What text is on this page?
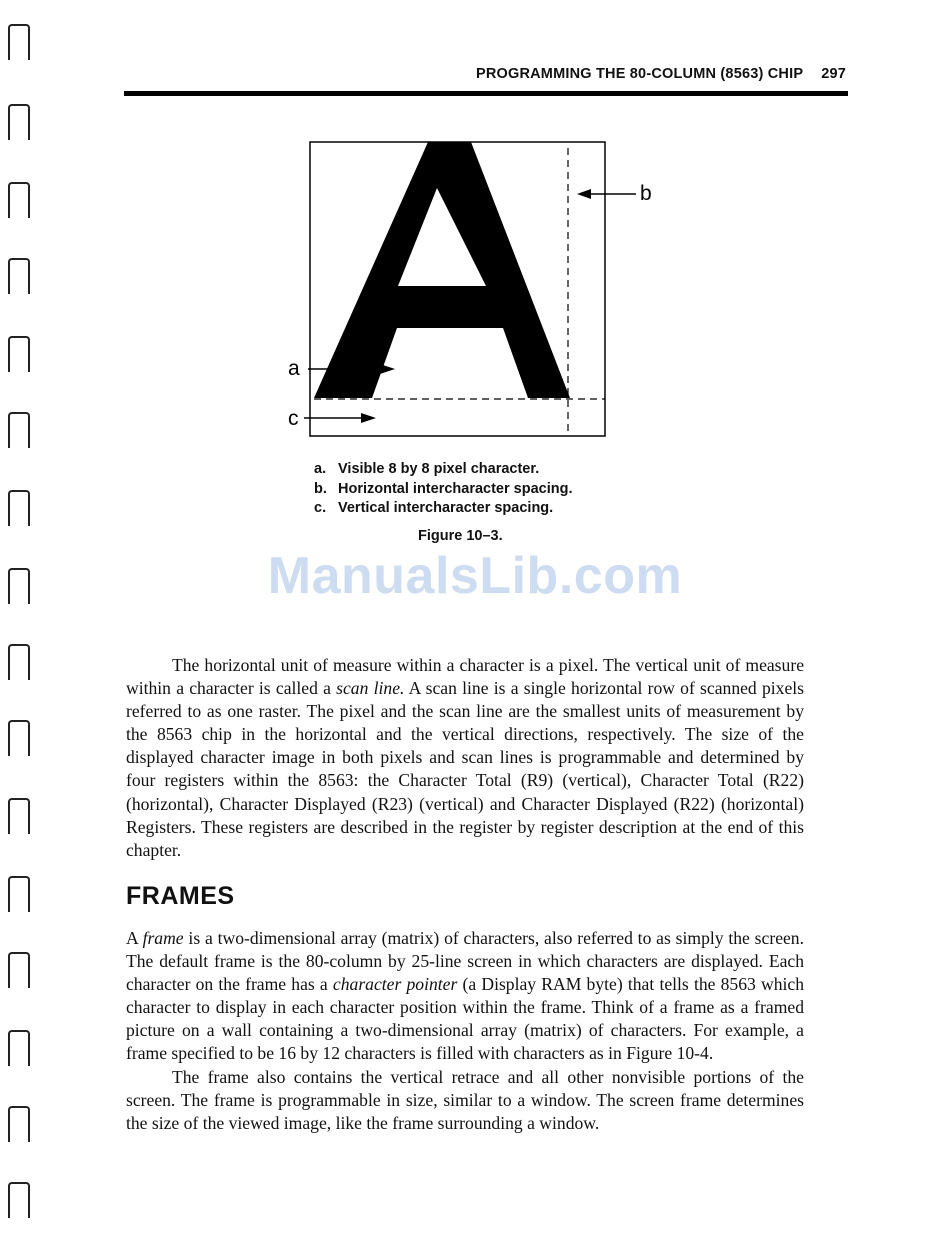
PROGRAMMING THE 80-COLUMN (8563) CHIP 297
b
a
c
a. Visible 8 by 8 pixel character.
b. Horizontal intercharacter spacing.
c. Vertical intercharacter spacing.
Figure 10–3.
ManualsLib.com

The horizontal unit of measure within a character is a pixel. The vertical unit of measure within a character is called a scan line. A scan line is a single horizontal row of scanned pixels referred to as one raster. The pixel and the scan line are the smallest units of measurement by the 8563 chip in the horizontal and the vertical directions, respectively. The size of the displayed character image in both pixels and scan lines is programmable and determined by four registers within the 8563: the Character Total (R9) (vertical), Character Total (R22) (horizontal), Character Displayed (R23) (vertical) and Character Displayed (R22) (horizontal) Registers. These registers are described in the register by register description at the end of this chapter.

FRAMES

A frame is a two-dimensional array (matrix) of characters, also referred to as simply the screen. The default frame is the 80-column by 25-line screen in which characters are displayed. Each character on the frame has a character pointer (a Display RAM byte) that tells the 8563 which character to display in each character position within the frame. Think of a frame as a framed picture on a wall containing a two-dimensional array (matrix) of characters. For example, a frame specified to be 16 by 12 characters is filled with characters as in Figure 10-4.

The frame also contains the vertical retrace and all other nonvisible portions of the screen. The frame is programmable in size, similar to a window. The screen frame determines the size of the viewed image, like the frame surrounding a window.
